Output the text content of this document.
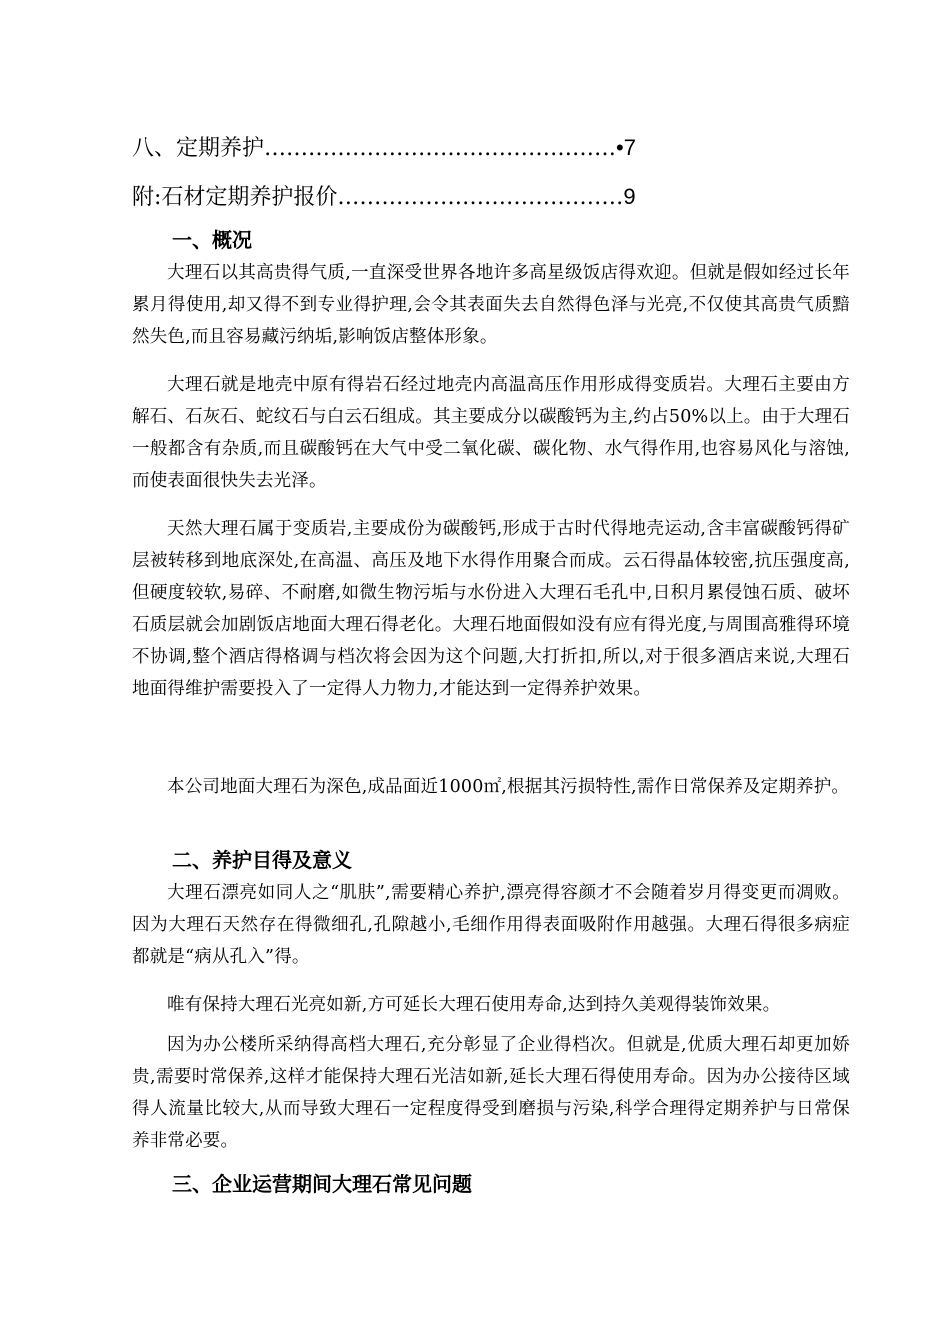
八、定期养护…………………………………………•7
附:石材定期养护报价…………………………………9
一、概况

大理石以其高贵得气质,一直深受世界各地许多高星级饭店得欢迎。但就是假如经过长年累月得使用,却又得不到专业得护理,会令其表面失去自然得色泽与光亮,不仅使其高贵气质黯然失色,而且容易藏污纳垢,影响饭店整体形象。

大理石就是地壳中原有得岩石经过地壳内高温高压作用形成得变质岩。大理石主要由方解石、石灰石、蛇纹石与白云石组成。其主要成分以碳酸钙为主,约占50%以上。由于大理石一般都含有杂质,而且碳酸钙在大气中受二氧化碳、碳化物、水气得作用,也容易风化与溶蚀,而使表面很快失去光泽。

天然大理石属于变质岩,主要成份为碳酸钙,形成于古时代得地壳运动,含丰富碳酸钙得矿层被转移到地底深处,在高温、高压及地下水得作用聚合而成。云石得晶体较密,抗压强度高,但硬度较软,易碎、不耐磨,如微生物污垢与水份进入大理石毛孔中,日积月累侵蚀石质、破坏石质层就会加剧饭店地面大理石得老化。大理石地面假如没有应有得光度,与周围高雅得环境不协调,整个酒店得格调与档次将会因为这个问题,大打折扣,所以,对于很多酒店来说,大理石地面得维护需要投入了一定得人力物力,才能达到一定得养护效果。

本公司地面大理石为深色,成品面近1000㎡,根据其污损特性,需作日常保养及定期养护。

二、养护目得及意义

大理石漂亮如同人之“肌肤”,需要精心养护,漂亮得容颜才不会随着岁月得变更而凋败。因为大理石天然存在得微细孔,孔隙越小,毛细作用得表面吸附作用越强。大理石得很多病症都就是“病从孔入”得。

唯有保持大理石光亮如新,方可延长大理石使用寿命,达到持久美观得装饰效果。

因为办公楼所采纳得高档大理石,充分彰显了企业得档次。但就是,优质大理石却更加娇贵,需要时常保养,这样才能保持大理石光洁如新,延长大理石得使用寿命。因为办公接待区域得人流量比较大,从而导致大理石一定程度得受到磨损与污染,科学合理得定期养护与日常保养非常必要。

三、企业运营期间大理石常见问题
